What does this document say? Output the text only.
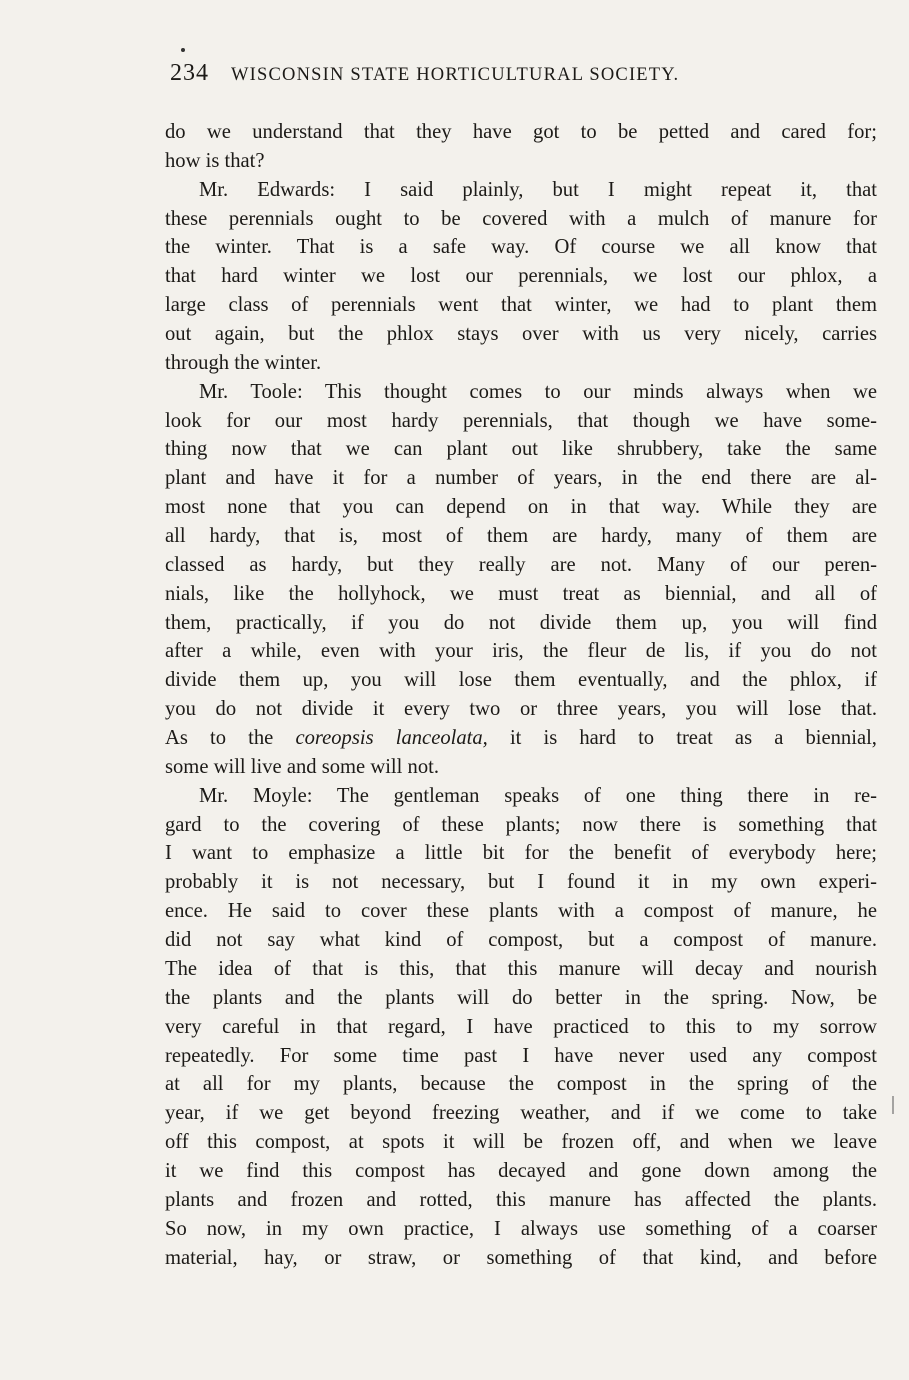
234 WISCONSIN STATE HORTICULTURAL SOCIETY.
do we understand that they have got to be petted and cared for;
how is that?
Mr. Edwards: I said plainly, but I might repeat it, that
these perennials ought to be covered with a mulch of manure for
the winter. That is a safe way. Of course we all know that
that hard winter we lost our perennials, we lost our phlox, a
large class of perennials went that winter, we had to plant them
out again, but the phlox stays over with us very nicely, carries
through the winter.
Mr. Toole: This thought comes to our minds always when we
look for our most hardy perennials, that though we have some-
thing now that we can plant out like shrubbery, take the same
plant and have it for a number of years, in the end there are al-
most none that you can depend on in that way. While they are
all hardy, that is, most of them are hardy, many of them are
classed as hardy, but they really are not. Many of our peren-
nials, like the hollyhock, we must treat as biennial, and all of
them, practically, if you do not divide them up, you will find
after a while, even with your iris, the fleur de lis, if you do not
divide them up, you will lose them eventually, and the phlox, if
you do not divide it every two or three years, you will lose that.
As to the coreopsis lanceolata, it is hard to treat as a biennial,
some will live and some will not.
Mr. Moyle: The gentleman speaks of one thing there in re-
gard to the covering of these plants; now there is something that
I want to emphasize a little bit for the benefit of everybody here;
probably it is not necessary, but I found it in my own experi-
ence. He said to cover these plants with a compost of manure, he
did not say what kind of compost, but a compost of manure.
The idea of that is this, that this manure will decay and nourish
the plants and the plants will do better in the spring. Now, be
very careful in that regard, I have practiced to this to my sorrow
repeatedly. For some time past I have never used any compost
at all for my plants, because the compost in the spring of the
year, if we get beyond freezing weather, and if we come to take
off this compost, at spots it will be frozen off, and when we leave
it we find this compost has decayed and gone down among the
plants and frozen and rotted, this manure has affected the plants.
So now, in my own practice, I always use something of a coarser
material, hay, or straw, or something of that kind, and before
